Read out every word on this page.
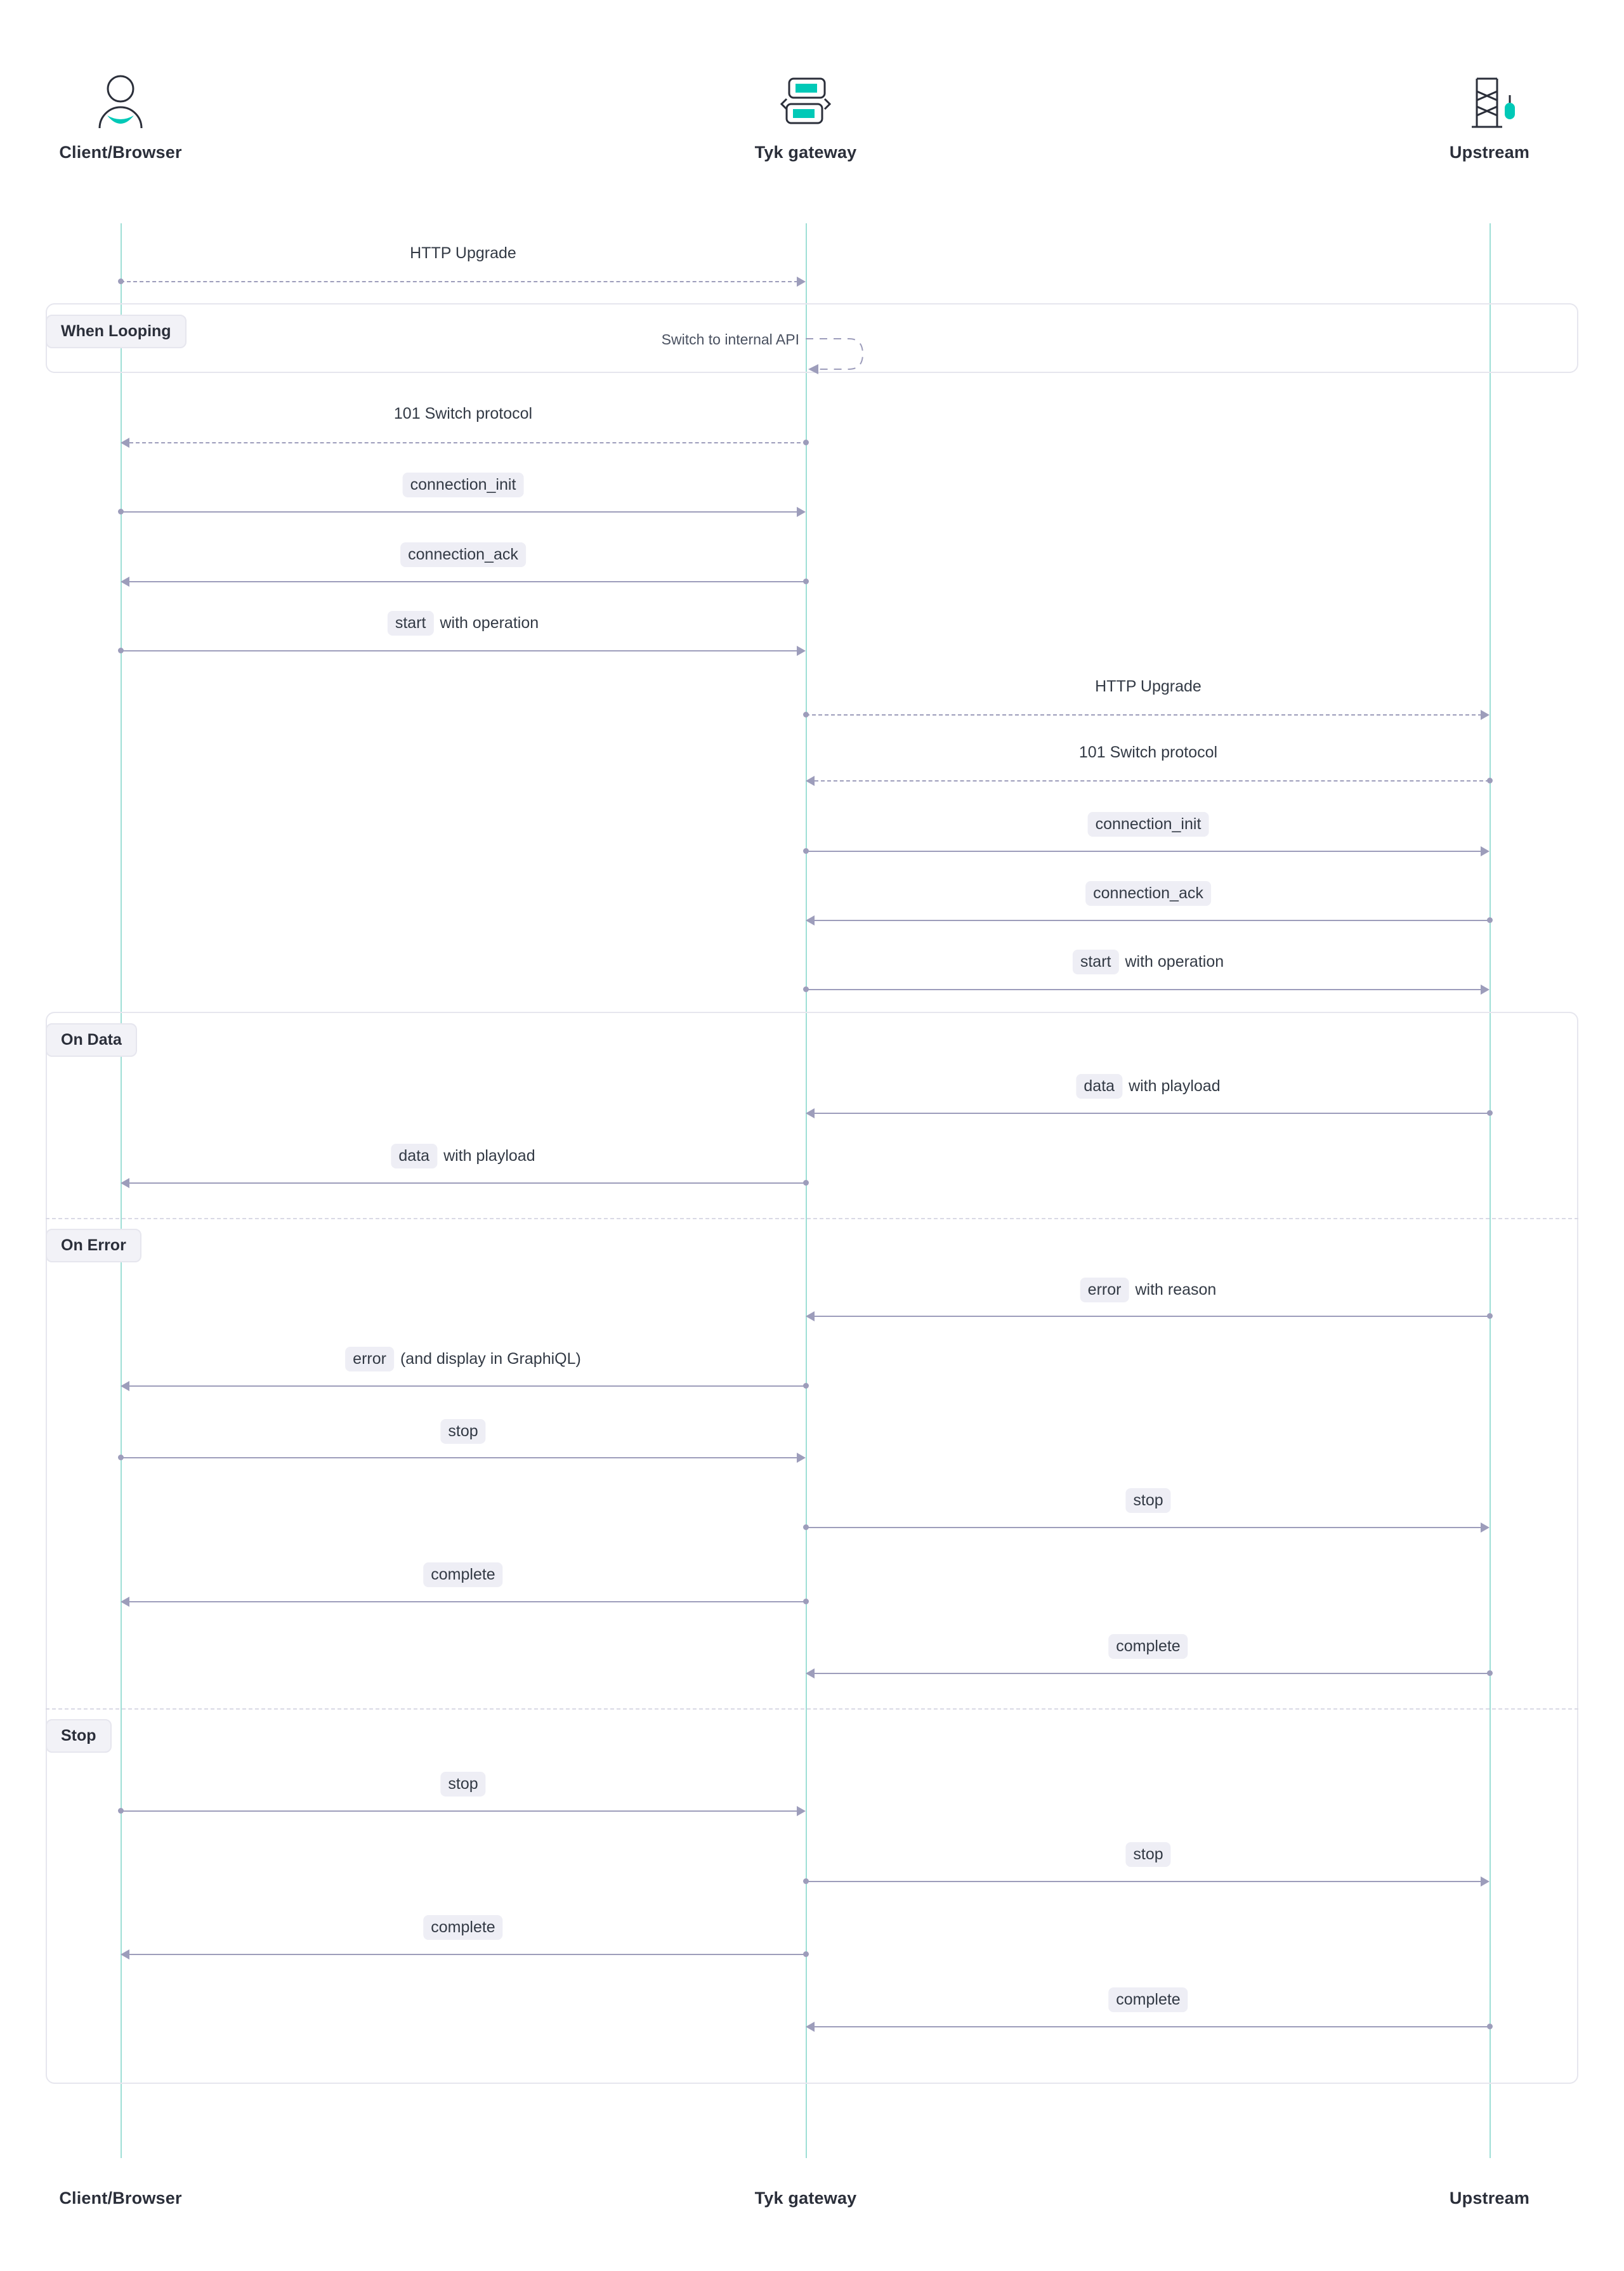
Client/Browser	Tyk gateway	Upstream
HTTP Upgrade
When Looping	Switch to internal API
101 Switch protocol
connection_init
connection_ack
start with operation
HTTP Upgrade
101 Switch protocol
connection_init
connection_ack
start with operation
On Data
On Error
Stop
data with playload
data with playload
error with reason
error (and display in GraphiQL)
stop
stop
complete
complete
stop
stop
complete
complete
Client/Browser	Tyk gateway	Upstream
